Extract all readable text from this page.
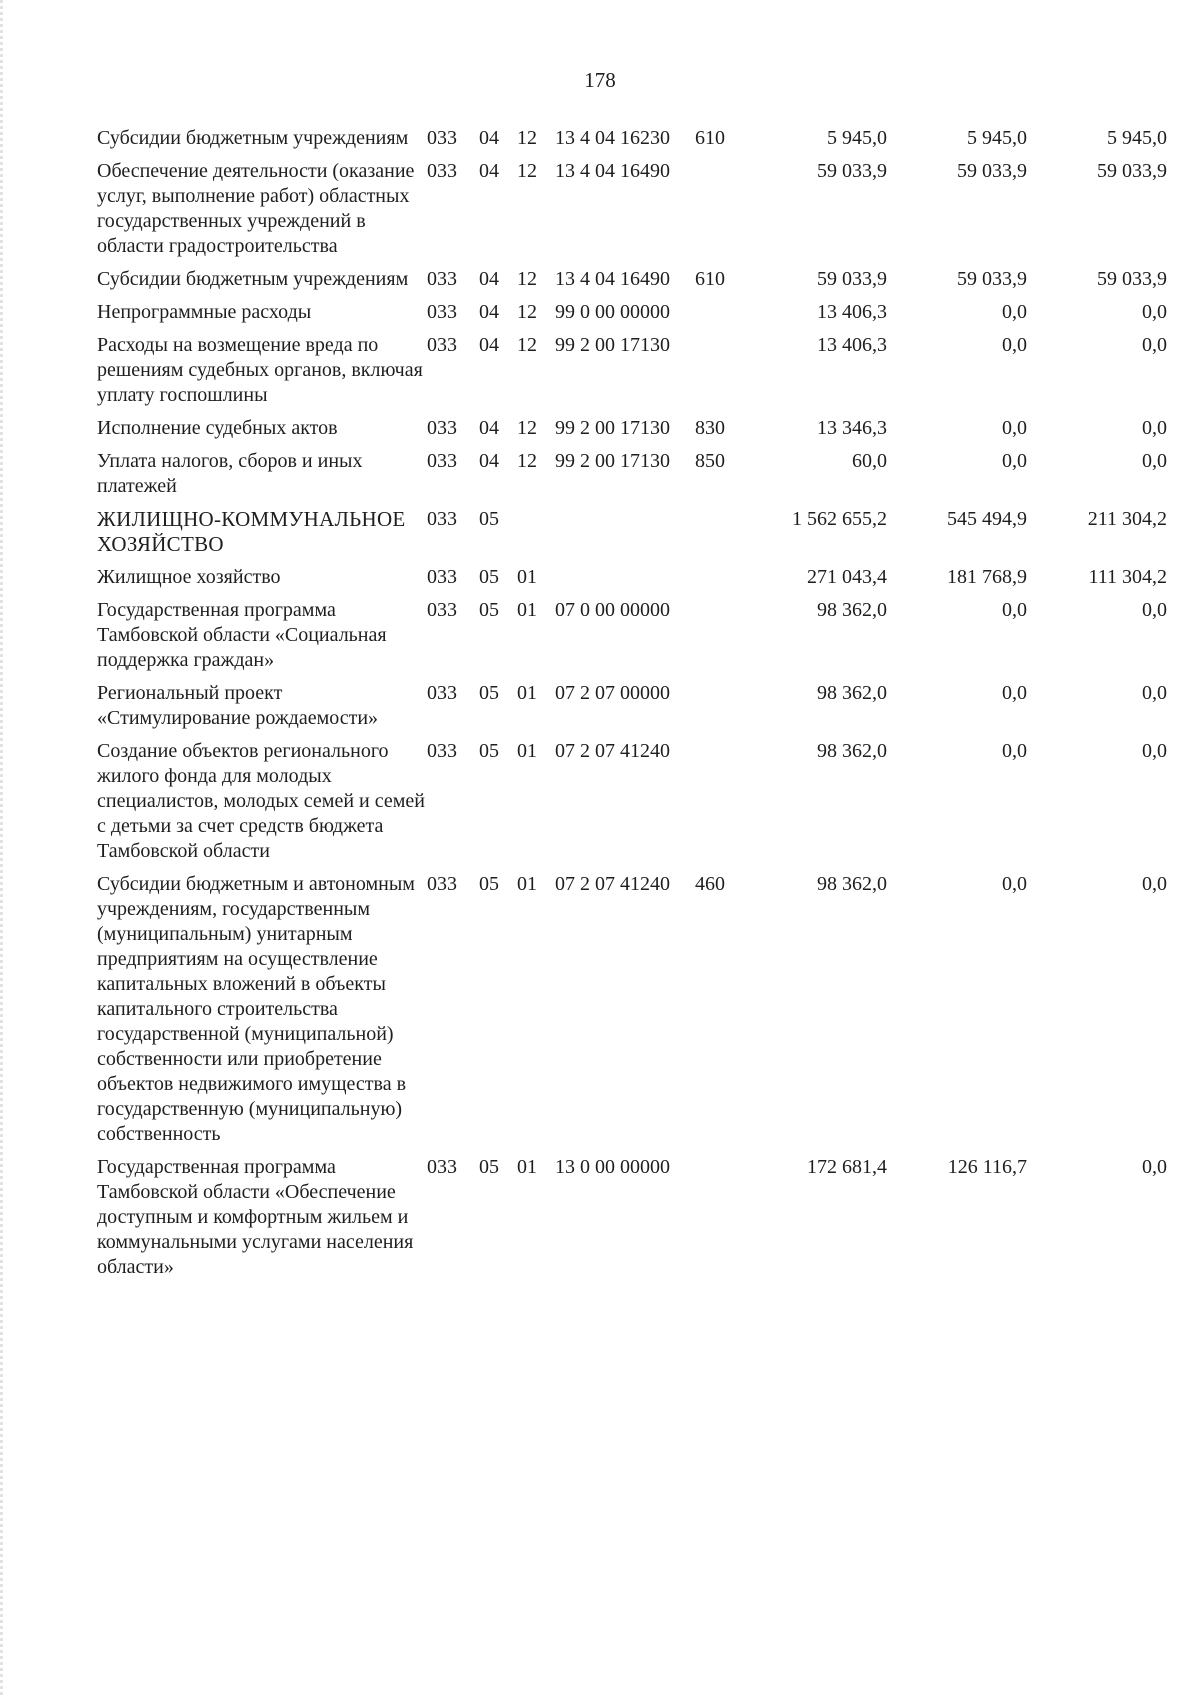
178
Субсидии бюджетным учреждениям	033	04	12	13 4 04 16230	610	5 945,0	5 945,0	5 945,0
Обеспечение деятельности (оказание услуг, выполнение работ) областных государственных учреждений в области градостроительства	033	04	12	13 4 04 16490		59 033,9	59 033,9	59 033,9
Субсидии бюджетным учреждениям	033	04	12	13 4 04 16490	610	59 033,9	59 033,9	59 033,9
Непрограммные расходы	033	04	12	99 0 00 00000		13 406,3	0,0	0,0
Расходы на возмещение вреда по решениям судебных органов, включая уплату госпошлины	033	04	12	99 2 00 17130		13 406,3	0,0	0,0
Исполнение судебных актов	033	04	12	99 2 00 17130	830	13 346,3	0,0	0,0
Уплата налогов, сборов и иных платежей	033	04	12	99 2 00 17130	850	60,0	0,0	0,0
ЖИЛИЩНО-КОММУНАЛЬНОЕ ХОЗЯЙСТВО	033	05				1 562 655,2	545 494,9	211 304,2
Жилищное хозяйство	033	05	01			271 043,4	181 768,9	111 304,2
Государственная программа Тамбовской области «Социальная поддержка граждан»	033	05	01	07 0 00 00000		98 362,0	0,0	0,0
Региональный проект «Стимулирование рождаемости»	033	05	01	07 2 07 00000		98 362,0	0,0	0,0
Создание объектов регионального жилого фонда для молодых специалистов, молодых семей и семей с детьми за счет средств бюджета Тамбовской области	033	05	01	07 2 07 41240		98 362,0	0,0	0,0
Субсидии бюджетным и автономным учреждениям, государственным (муниципальным) унитарным предприятиям на осуществление капитальных вложений в объекты капитального строительства государственной (муниципальной) собственности или приобретение объектов недвижимого имущества в государственную (муниципальную) собственность	033	05	01	07 2 07 41240	460	98 362,0	0,0	0,0
Государственная программа Тамбовской области «Обеспечение доступным и комфортным жильем и коммунальными услугами населения области»	033	05	01	13 0 00 00000		172 681,4	126 116,7	0,0
